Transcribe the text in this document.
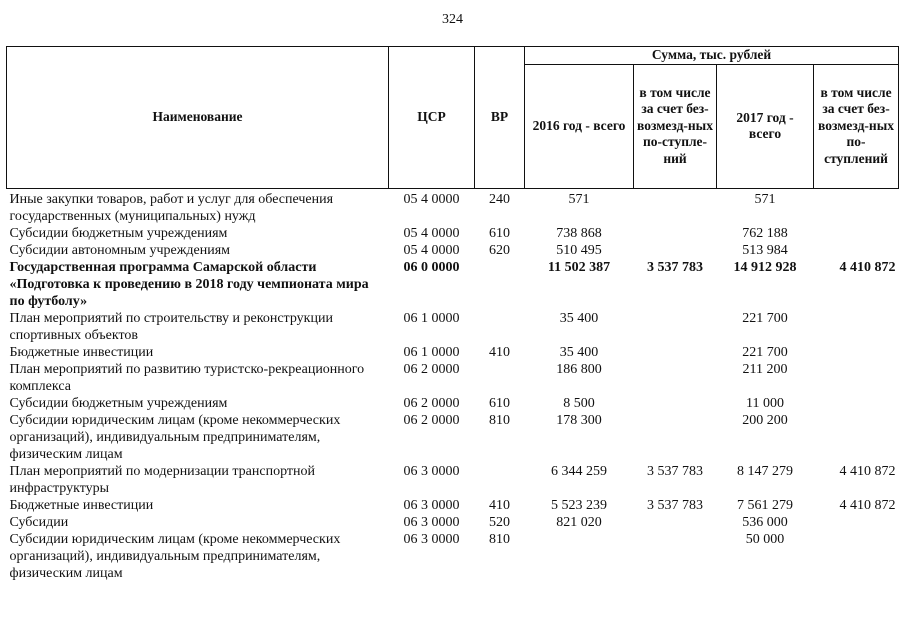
324
Наименование	ЦСР	ВР	Сумма, тыс. рублей			
			2016 год - всего	в том числе за счет без-возмезд-ных по-ступле-ний	2017 год - всего	в том числе за счет без-возмезд-ных по-ступлений
Иные закупки товаров, работ и услуг для обеспечения государственных (муниципальных) нужд	05 4 0000	240	571		571	
Субсидии бюджетным учреждениям	05 4 0000	610	738 868		762 188	
Субсидии автономным учреждениям	05 4 0000	620	510 495		513 984	
Государственная программа Самарской области «Подготовка к проведению в 2018 году чемпионата мира по футболу»	06 0 0000		11 502 387	3 537 783	14 912 928	4 410 872
План мероприятий по строительству и реконструкции спортивных объектов	06 1 0000		35 400		221 700	
Бюджетные инвестиции	06 1 0000	410	35 400		221 700	
План мероприятий по развитию туристско-рекреационного комплекса	06 2 0000		186 800		211 200	
Субсидии бюджетным учреждениям	06 2 0000	610	8 500		11 000	
Субсидии юридическим лицам (кроме некоммерческих организаций), индивидуальным предпринимателям, физическим лицам	06 2 0000	810	178 300		200 200	
План мероприятий по модернизации транспортной инфраструктуры	06 3 0000		6 344 259	3 537 783	8 147 279	4 410 872
Бюджетные инвестиции	06 3 0000	410	5 523 239	3 537 783	7 561 279	4 410 872
Субсидии	06 3 0000	520	821 020		536 000	
Субсидии юридическим лицам (кроме некоммерческих организаций), индивидуальным предпринимателям, физическим лицам	06 3 0000	810			50 000	
